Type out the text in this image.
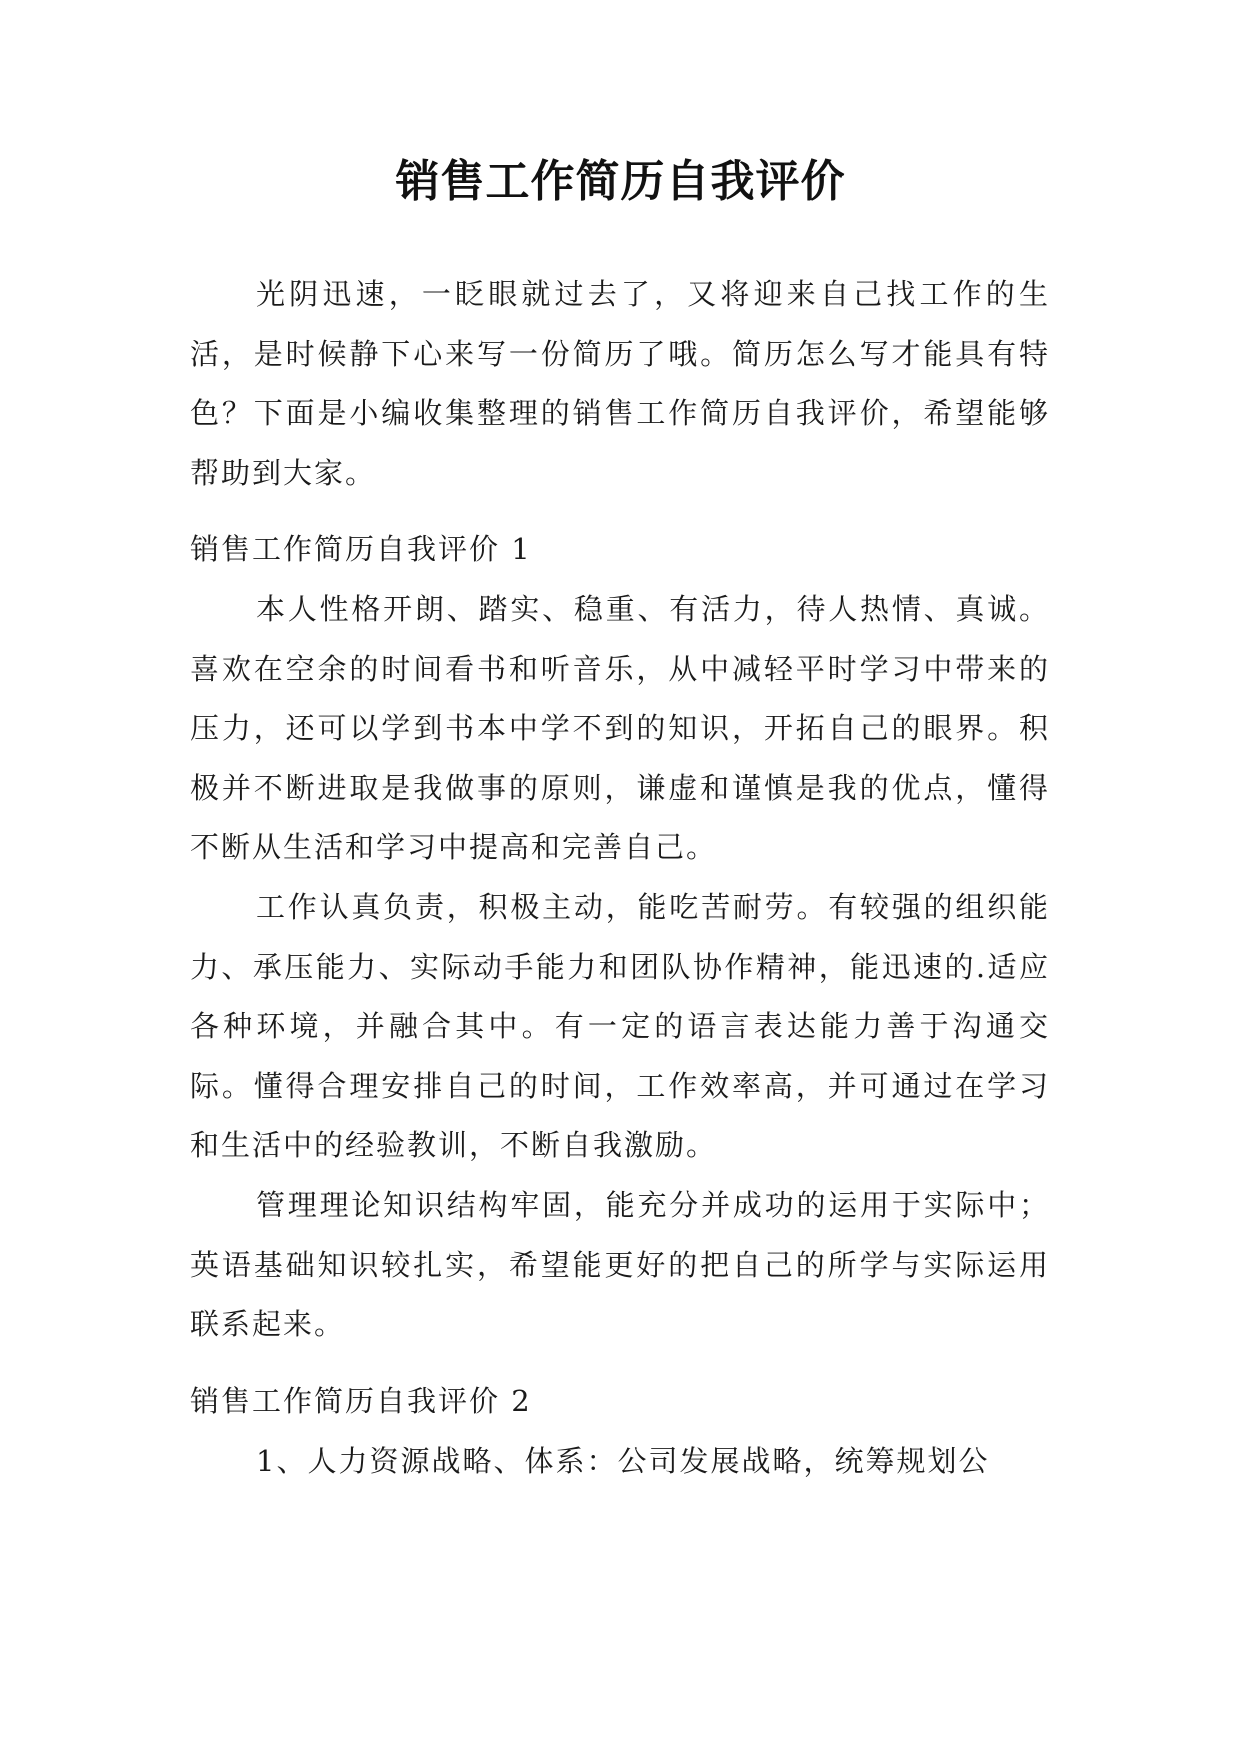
销售工作简历自我评价

光阴迅速，一眨眼就过去了，又将迎来自己找工作的生活，是时候静下心来写一份简历了哦。简历怎么写才能具有特色？下面是小编收集整理的销售工作简历自我评价，希望能够帮助到大家。

销售工作简历自我评价 1

本人性格开朗、踏实、稳重、有活力，待人热情、真诚。喜欢在空余的时间看书和听音乐，从中减轻平时学习中带来的压力，还可以学到书本中学不到的知识，开拓自己的眼界。积极并不断进取是我做事的原则，谦虚和谨慎是我的优点，懂得不断从生活和学习中提高和完善自己。

工作认真负责，积极主动，能吃苦耐劳。有较强的组织能力、承压能力、实际动手能力和团队协作精神，能迅速的.适应各种环境，并融合其中。有一定的语言表达能力善于沟通交际。懂得合理安排自己的时间，工作效率高，并可通过在学习和生活中的经验教训，不断自我激励。

管理理论知识结构牢固，能充分并成功的运用于实际中；英语基础知识较扎实，希望能更好的把自己的所学与实际运用联系起来。

销售工作简历自我评价 2

1、人力资源战略、体系：公司发展战略，统筹规划公
